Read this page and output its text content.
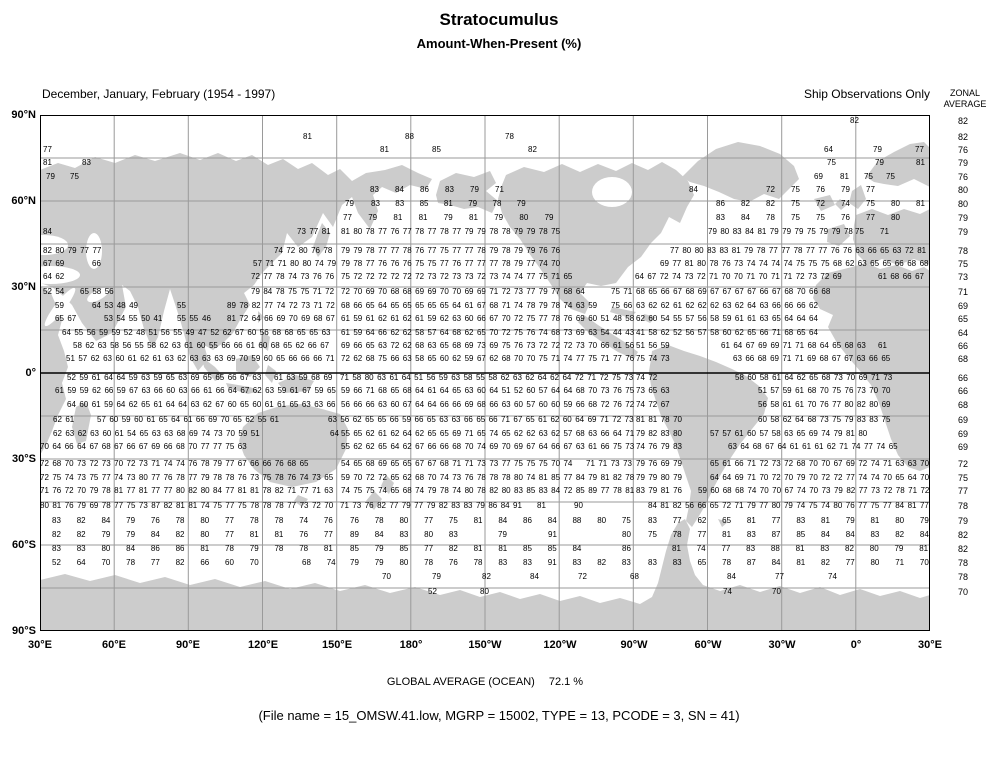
Stratocumulus
Amount-When-Present (%)
December, January, February (1954 - 1997)	Ship Observations Only	ZONAL
AVERAGE
82
81	88	78
77	81	85	82	64	79	77
81	83	75	79	81
79 75	69 81 75 75
83 84 86 83 79 71	84	72 75 76 79 77
79 83 83 85 81 79 78 79	86 82 82 75 72 74 75 80 81
77 79 81 81 79 81 79 80 79	83 84 78 75 75 76 77 80
84	73 77 81 81 80 78 77 76 77 78 77 78 77 79 79 78 78 79 79 78 75	79 80 83 84 81 79 79 79 75 79 79 78 75 71
82 80 79 77 77	74 72 80 76 78 79 79 78 77 77 78 76 77 75 77 77 78 79 78 79 79 76 76	77 80 80 83 83 81 79 78 77 77 78 77 77 76 76 63 66 65 63 72 81
67 69	66	57 71 71 80 80 74 79 79 78 77 76 76 76 75 75 77 76 77 77 77 78 79 77 74 70	69 77 81 80 78 76 73 74 74 74 74 75 75 75 68 62 63 65 65 66 68 68
64 62	72 77 78 74 73 76 76 75 72 72 72 72 72 72 73 72 73 73 72 73 74 74 77 75 71 65	64 67 72 74 73 72 71 70 70 71 70 71 71 72 73 72 69	61 68 66 67
52 54 65 58 56	79 84 78 75 75 71 72 72 70 69 70 68 68 69 69 70 70 69 69 71 72 73 77 79 77 68 64	75 71 68 65 66 67 68 69 67 67 67 67 66 67 68 70 66 68
59	64 53 48 49	55	89 78 82 77 74 72 73 71 72 68 66 65 64 65 65 65 65 65 64 61 67 68 71 74 78 79 78 74 63 59 75 66 63 62 62 61 62 62 62 63 62 64 63 66 66 66 62
65 67	53 54 55 50 41 55 55 46 81 72 64 66 69 70 69 68 67 61 59 61 62 61 62 61 59 62 63 60 66 67 70 72 75 77 78 76 69 60 51 48 58 62 60 54 55 57 56 58 59 61 61 63 65 64 64 64
64 55 56 59 59 52 48 51 56 55 49 47 52 62 67 60 56 68 68 65 65 63 61 59 64 66 62 62 58 57 64 68 62 65 70 72 75 76 74 68 73 69 63 54 44 43 41 58 62 52 56 57 58 60 62 65 66 71 68 65 64
58 62 63 58 56 55 58 62 63 61 60 55 66 66 61 60 68 65 62 66 67 69 66 65 63 72 62 68 63 65 68 69 73 69 75 76 73 72 72 72 73 70 66 61 56 51 56 59	61 64 67 69 69 71 71 68 64 65 68 63 61
51 57 62 63 60 61 62 61 63 62 63 63 63 69 70 59 60 65 66 66 66 71 72 62 68 75 66 63 58 65 60 62 59 67 62 68 70 70 75 71 74 77 75 71 77 76 75 74 73	63 66 68 69 71 71 69 68 67 67 63 66 65
52 59 61 64 64 59 63 59 65 63 69 65 65 66 67 63 61 63 59 68 69 71 58 80 63 61 64 51 56 59 63 58 55 58 62 63 62 64 62 64 72 71 72 75 73 74 72	58 60 58 61 64 62 65 68 73 70 69 71 73
61 59 59 62 66 59 67 63 66 60 63 66 61 66 64 67 62 63 59 61 67 59 65 59 66 71 68 65 68 64 61 64 65 63 60 64 51 52 60 57 64 64 68 70 73 76 75 73 65 63	51 57 59 61 68 70 75 76 73 70 70
64 60 61 59 64 62 65 61 64 64 63 62 67 60 65 60 61 61 65 63 63 66 56 66 66 63 60 67 64 64 66 66 69 68 66 63 60 57 60 60 59 66 68 72 76 72 74 72 67	56 58 61 61 70 76 77 80 82 80 69
62 61	57 60 59 60 61 65 64 61 66 69 70 65 62 55 61	63 56 62 65 65 66 59 66 65 63 63 66 65 66 71 67 65 61 62 60 64 69 71 72 73 81 81 78 70	60 58 62 64 68 73 75 79 83 83 75
62 63 62 63 60 61 54 65 63 63 68 69 74 73 70 59 51	64 55 65 62 61 62 64 62 65 65 69 71 65 74 65 62 62 63 62 57 68 63 66 64 71 79 82 83 80	57 57 61 60 57 58 63 65 69 74 79 81 80
70 64 66 64 67 68 67 66 67 69 66 68 70 77 77 75 63	55 62 62 65 64 62 67 66 66 68 70 74 69 70 69 67 64 66 67 63 61 66 75 73 74 76 79 83	63 64 68 67 64 61 61 61 62 71 74 77 74 65
72 68 70 73 72 73 70 72 73 71 74 74 76 78 79 77 67 66 66 76 68 65	54 65 68 69 65 65 67 67 68 71 71 73 73 77 75 75 75 70 74 71 71 73 73 79 76 69 79	65 61 66 71 72 73 72 68 70 70 67 69 72 74 71 63 63 70
72 75 74 73 75 77 74 73 80 77 76 78 77 79 78 78 76 73 75 78 76 74 73 65 59 70 72 72 65 62 68 70 74 73 76 78 78 78 80 74 81 85 77 84 79 81 82 78 79 79 80 79	64 64 69 71 70 72 70 79 70 72 72 77 74 74 70 65 64 70
71 76 72 70 79 78 81 77 81 77 77 80 82 80 84 77 81 81 78 82 71 77 71 63 74 75 75 74 65 68 74 79 78 74 80 78 82 80 83 85 83 84 72 85 89 77 78 81 83 79 81 76 59 60 68 68 74 70 70 67 74 70 73 79 82 77 73 72 78 71 72
80 81 76 79 69 78 77 75 73 87 82 81 81 74 75 77 75 78 78 78 77 73 72 70 71 73 76 82 77 79 77 79 82 83 83 79 86 84 91 81	90	84 81 82 56 66 65 72 71 79 77 80 79 74 75 74 80 76 77 75 77 84 81 77
83 82 84 79 76 78 80 77 78 78 74 76 76 78 80 77 75 81 84 86 84 88 80 75 83 77 62 65 81 77 83 81 79 81 80 79
82 82 79 79 84 82 80 77 81 81 76 77 89 84 83 80 83	79	91	80 75 78 77 81 83 87 85 84 84 83 82 84
83 83 80 84 86 86 81 78 79 78 78 81 85 79 85 77 82 81 81 85 85 84	86	81 74 77 83 88 81 83 82 80 79 81
52 64 70 78 77 82 66 60 70	68 74 79 79 80 78 76 78 83 83 91 83 82 83 83 83 65 78 87 84 81 82 77 80 71 70
70	79	82	84	72	68	84	77	74
52	80	74	70
90°N
60°N
30°N
0°
30°S
60°S
90°S
30°E	60°E	90°E	120°E	150°E	180°	150°W	120°W	90°W	60°W	30°W	0°	30°E
82
82
76
79
76
80
80
79
79
78
75
73
71
69
65
64
66
68
66
66
68
69
69
69
72
75
77
78
79
82
82
78
78
70
GLOBAL AVERAGE (OCEAN) 72.1 %
(File name = 15_OMSW.41.low, MGRP = 15002, TYPE = 13, PCODE = 3, SN = 41)
